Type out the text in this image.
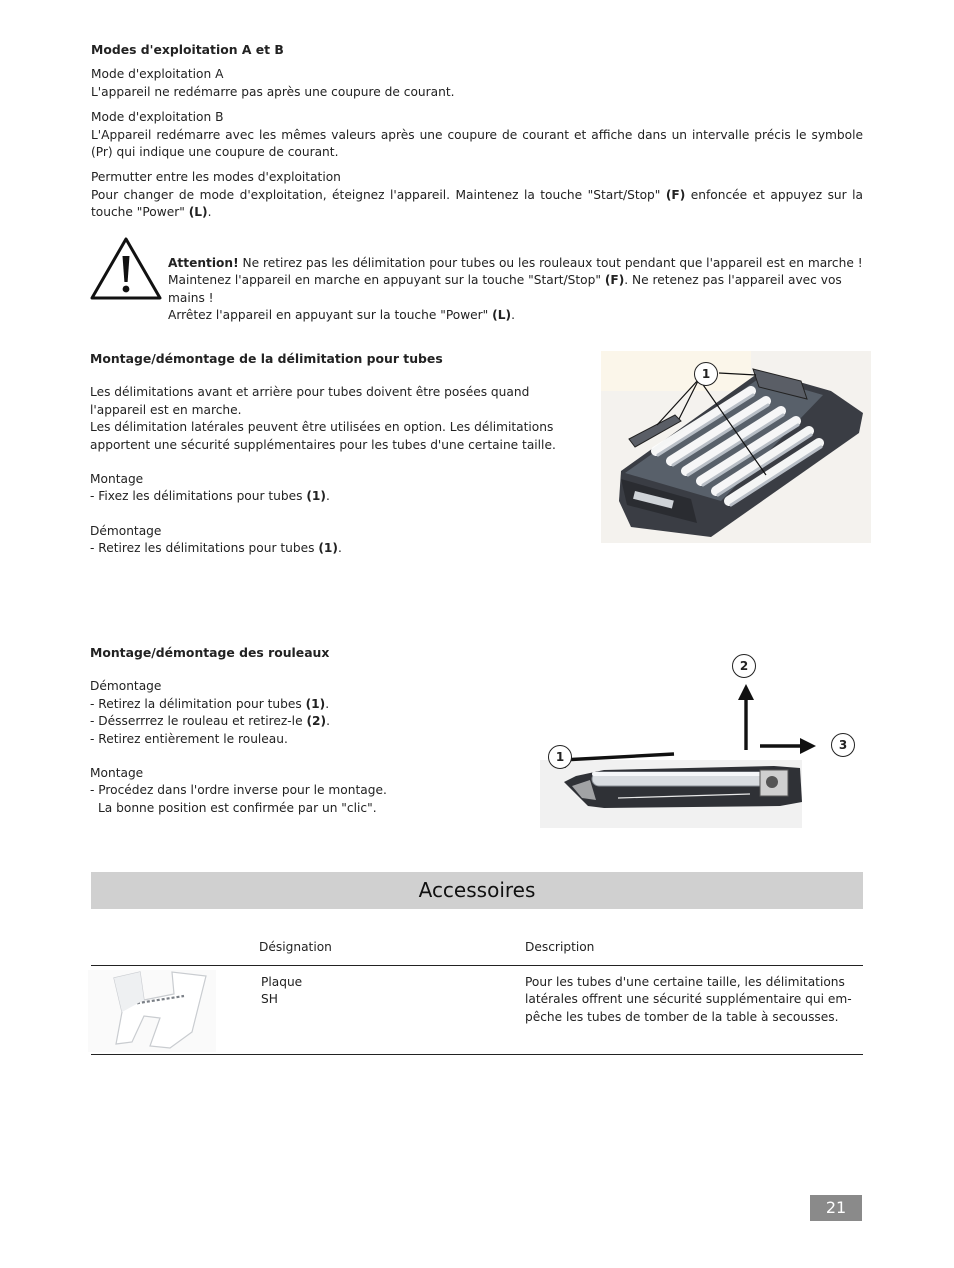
Modes d'exploitation A et B

Mode d'exploitation A

L'appareil ne redémarre pas après une coupure de courant.

Mode d'exploitation B

L'Appareil redémarre avec les mêmes valeurs après une coupure de courant et affiche dans un intervalle précis le symbole (Pr) qui indique une coupure de courant.

Permutter entre les modes d'exploitation

Pour changer de mode d'exploitation, éteignez l'appareil. Maintenez la touche "Start/Stop" (F) enfoncée et appuyez sur la touche "Power" (L).

Attention! Ne retirez pas les délimitation pour tubes ou les rouleaux tout pendant que l'appareil est en marche !

Maintenez l'appareil en marche en appuyant sur la touche "Start/Stop" (F). Ne retenez pas l'appareil avec vos mains !

Arrêtez l'appareil en appuyant sur la touche "Power" (L).

Montage/démontage de la délimitation pour tubes

Les délimitations avant et arrière pour tubes doivent être posées quand l'appareil est en marche.

Les délimitation latérales peuvent être utilisées en option. Les délimitations apportent une sécurité supplémentaires pour les tubes d'une certaine taille.

Montage

- Fixez les délimitations pour tubes (1).

Démontage

- Retirez les délimitations pour tubes (1).

1

Montage/démontage des rouleaux

Démontage

- Retirez la délimitation pour tubes (1).

- Désserrrez le rouleau et retirez-le (2).

- Retirez entièrement le rouleau.

Montage

- Procédez dans l'ordre inverse pour le montage.

La bonne position est confirmée par un "clic".

1
2
3
Accessoires

Désignation	Description

Plaque

SH

Pour les tubes d'une certaine taille, les délimitations

latérales offrent une sécurité supplémentaire qui em-

pêche les tubes de tomber de la table à secousses.

21
